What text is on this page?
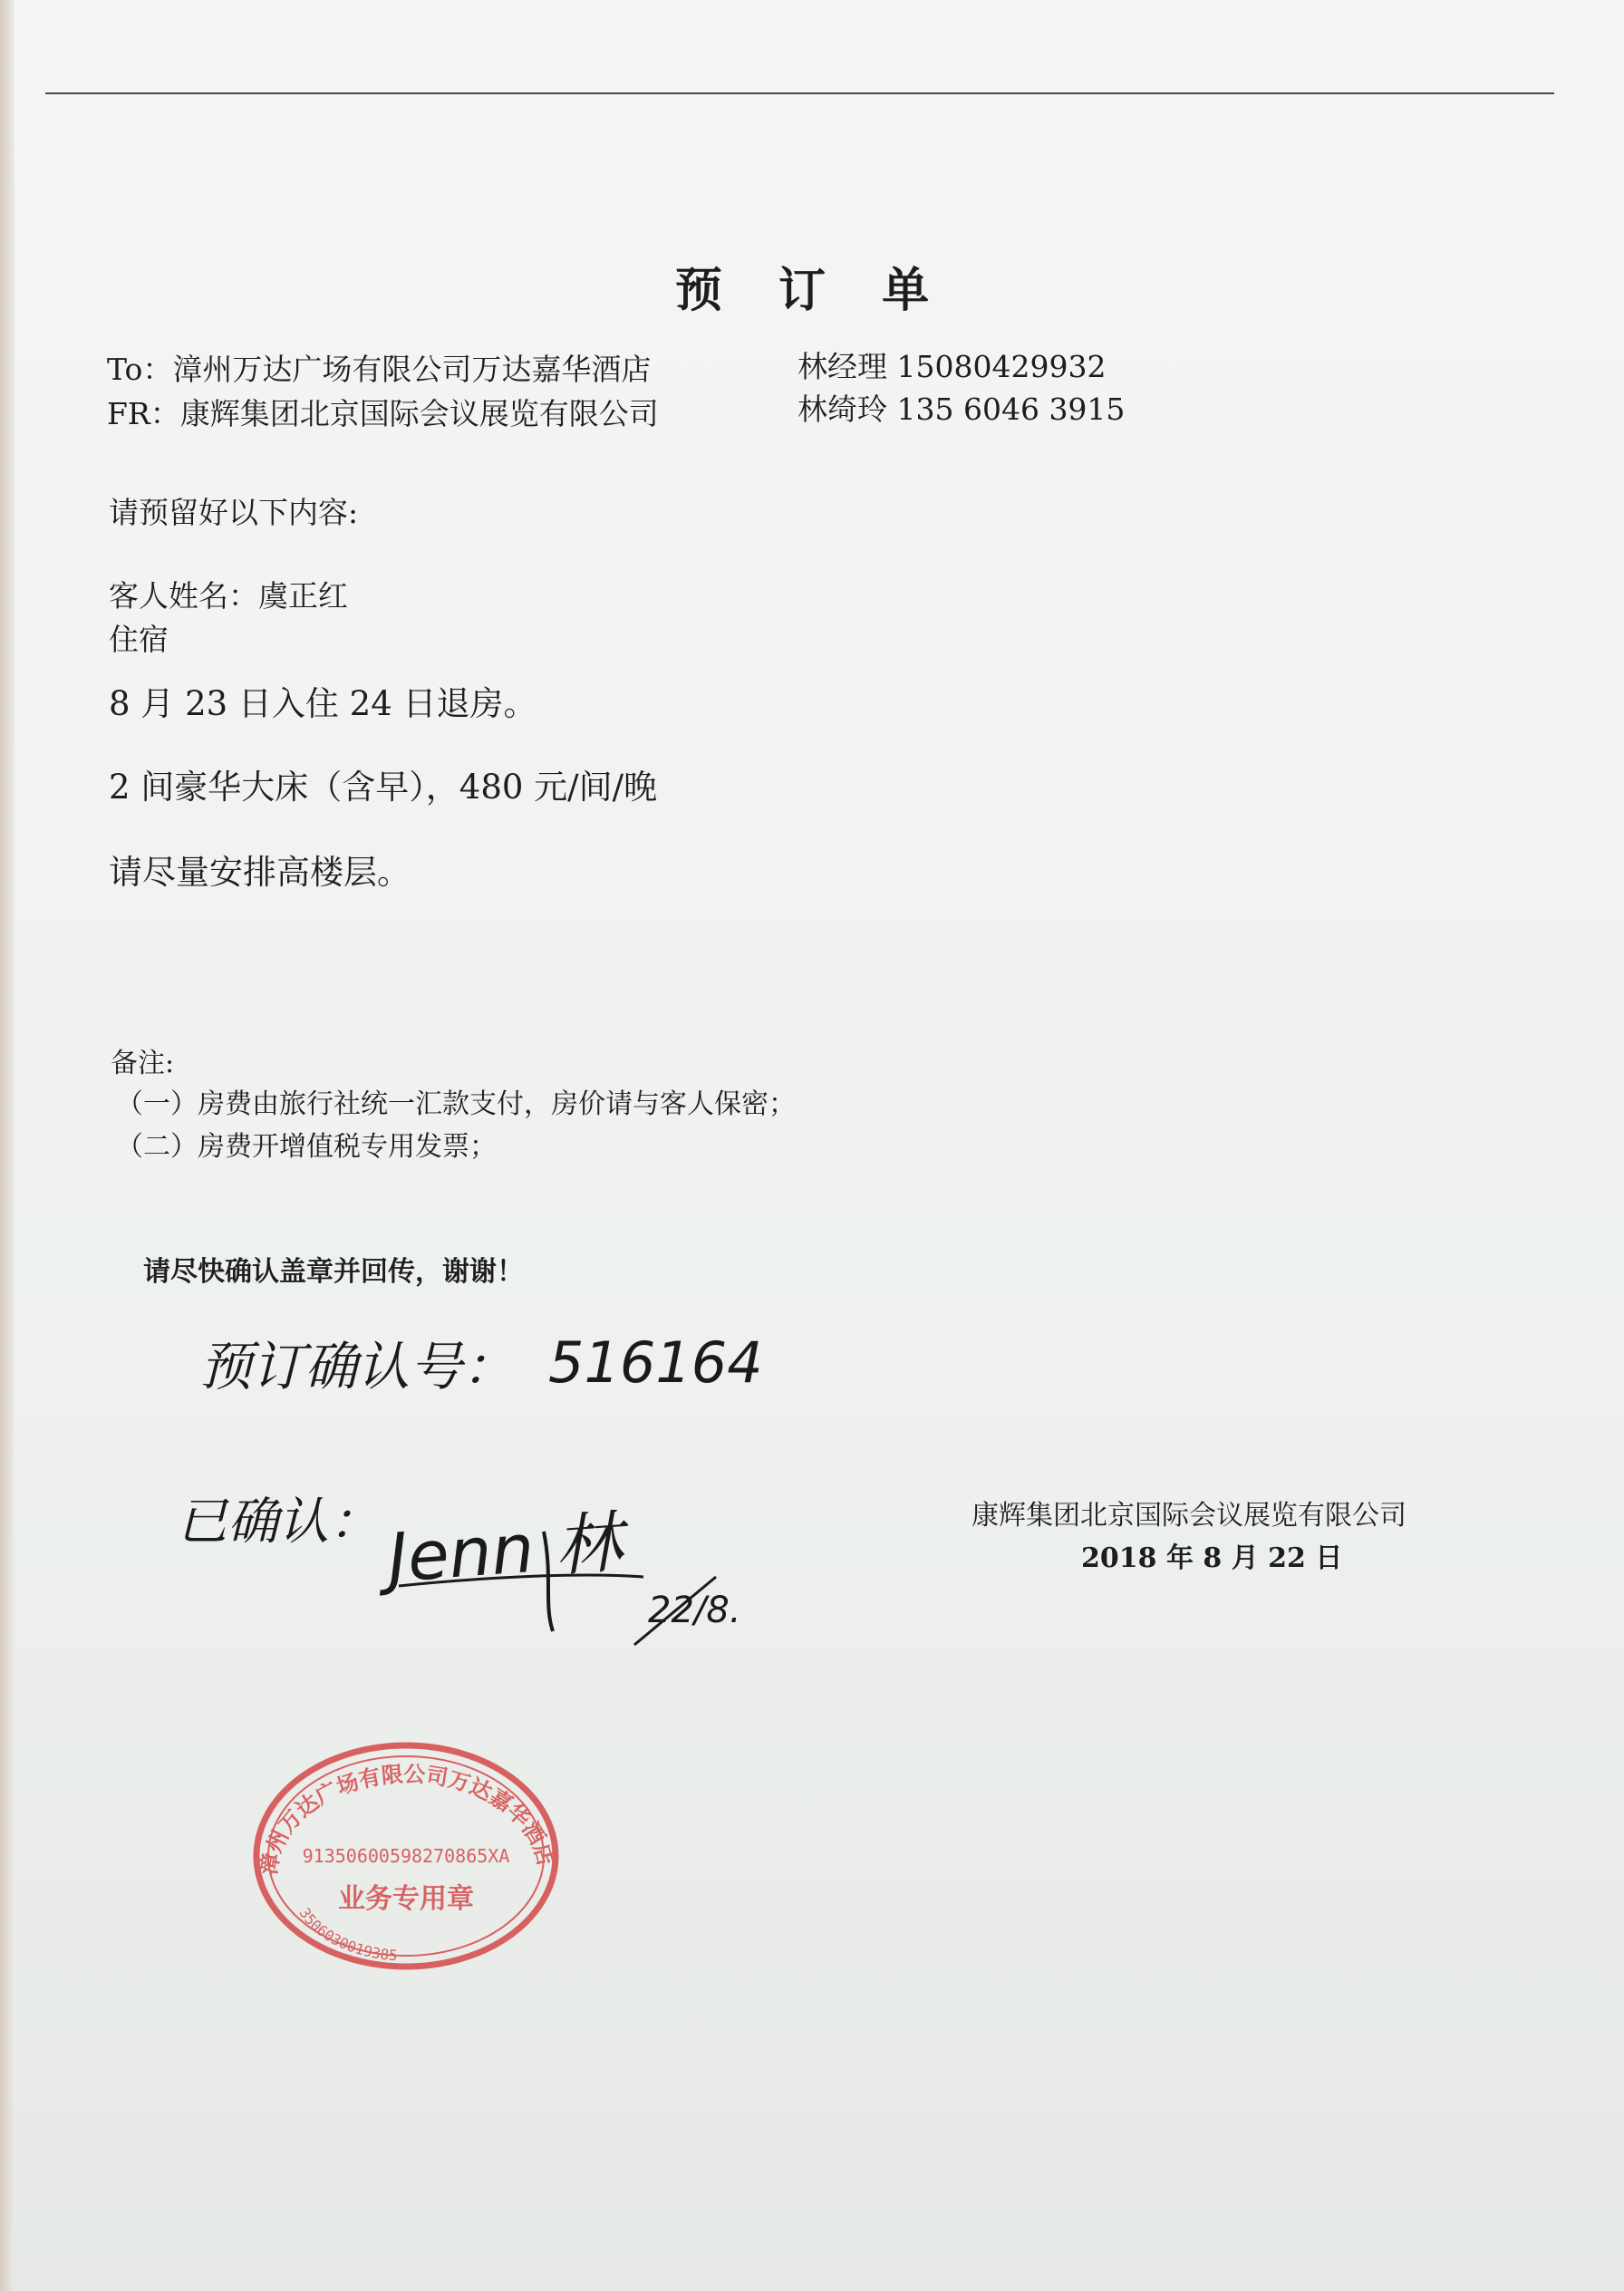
预 订 单
To：漳州万达广场有限公司万达嘉华酒店	林经理 15080429932
FR：康辉集团北京国际会议展览有限公司	林绮玲 135 6046 3915
请预留好以下内容:
客人姓名：虞正红
住宿
8 月 23 日入住 24 日退房。
2 间豪华大床（含早），480 元/间/晚
请尽量安排高楼层。
备注:
（一）房费由旅行社统一汇款支付，房价请与客人保密；
（二）房费开增值税专用发票；
请尽快确认盖章并回传，谢谢！
康辉集团北京国际会议展览有限公司
2018 年 8 月 22 日
预订确认号： 516164
已确认： Jenn 林
22/8.
漳州万达广场有限公司万达嘉华酒店
91350600598270865XA
业务专用章
3506030019385
